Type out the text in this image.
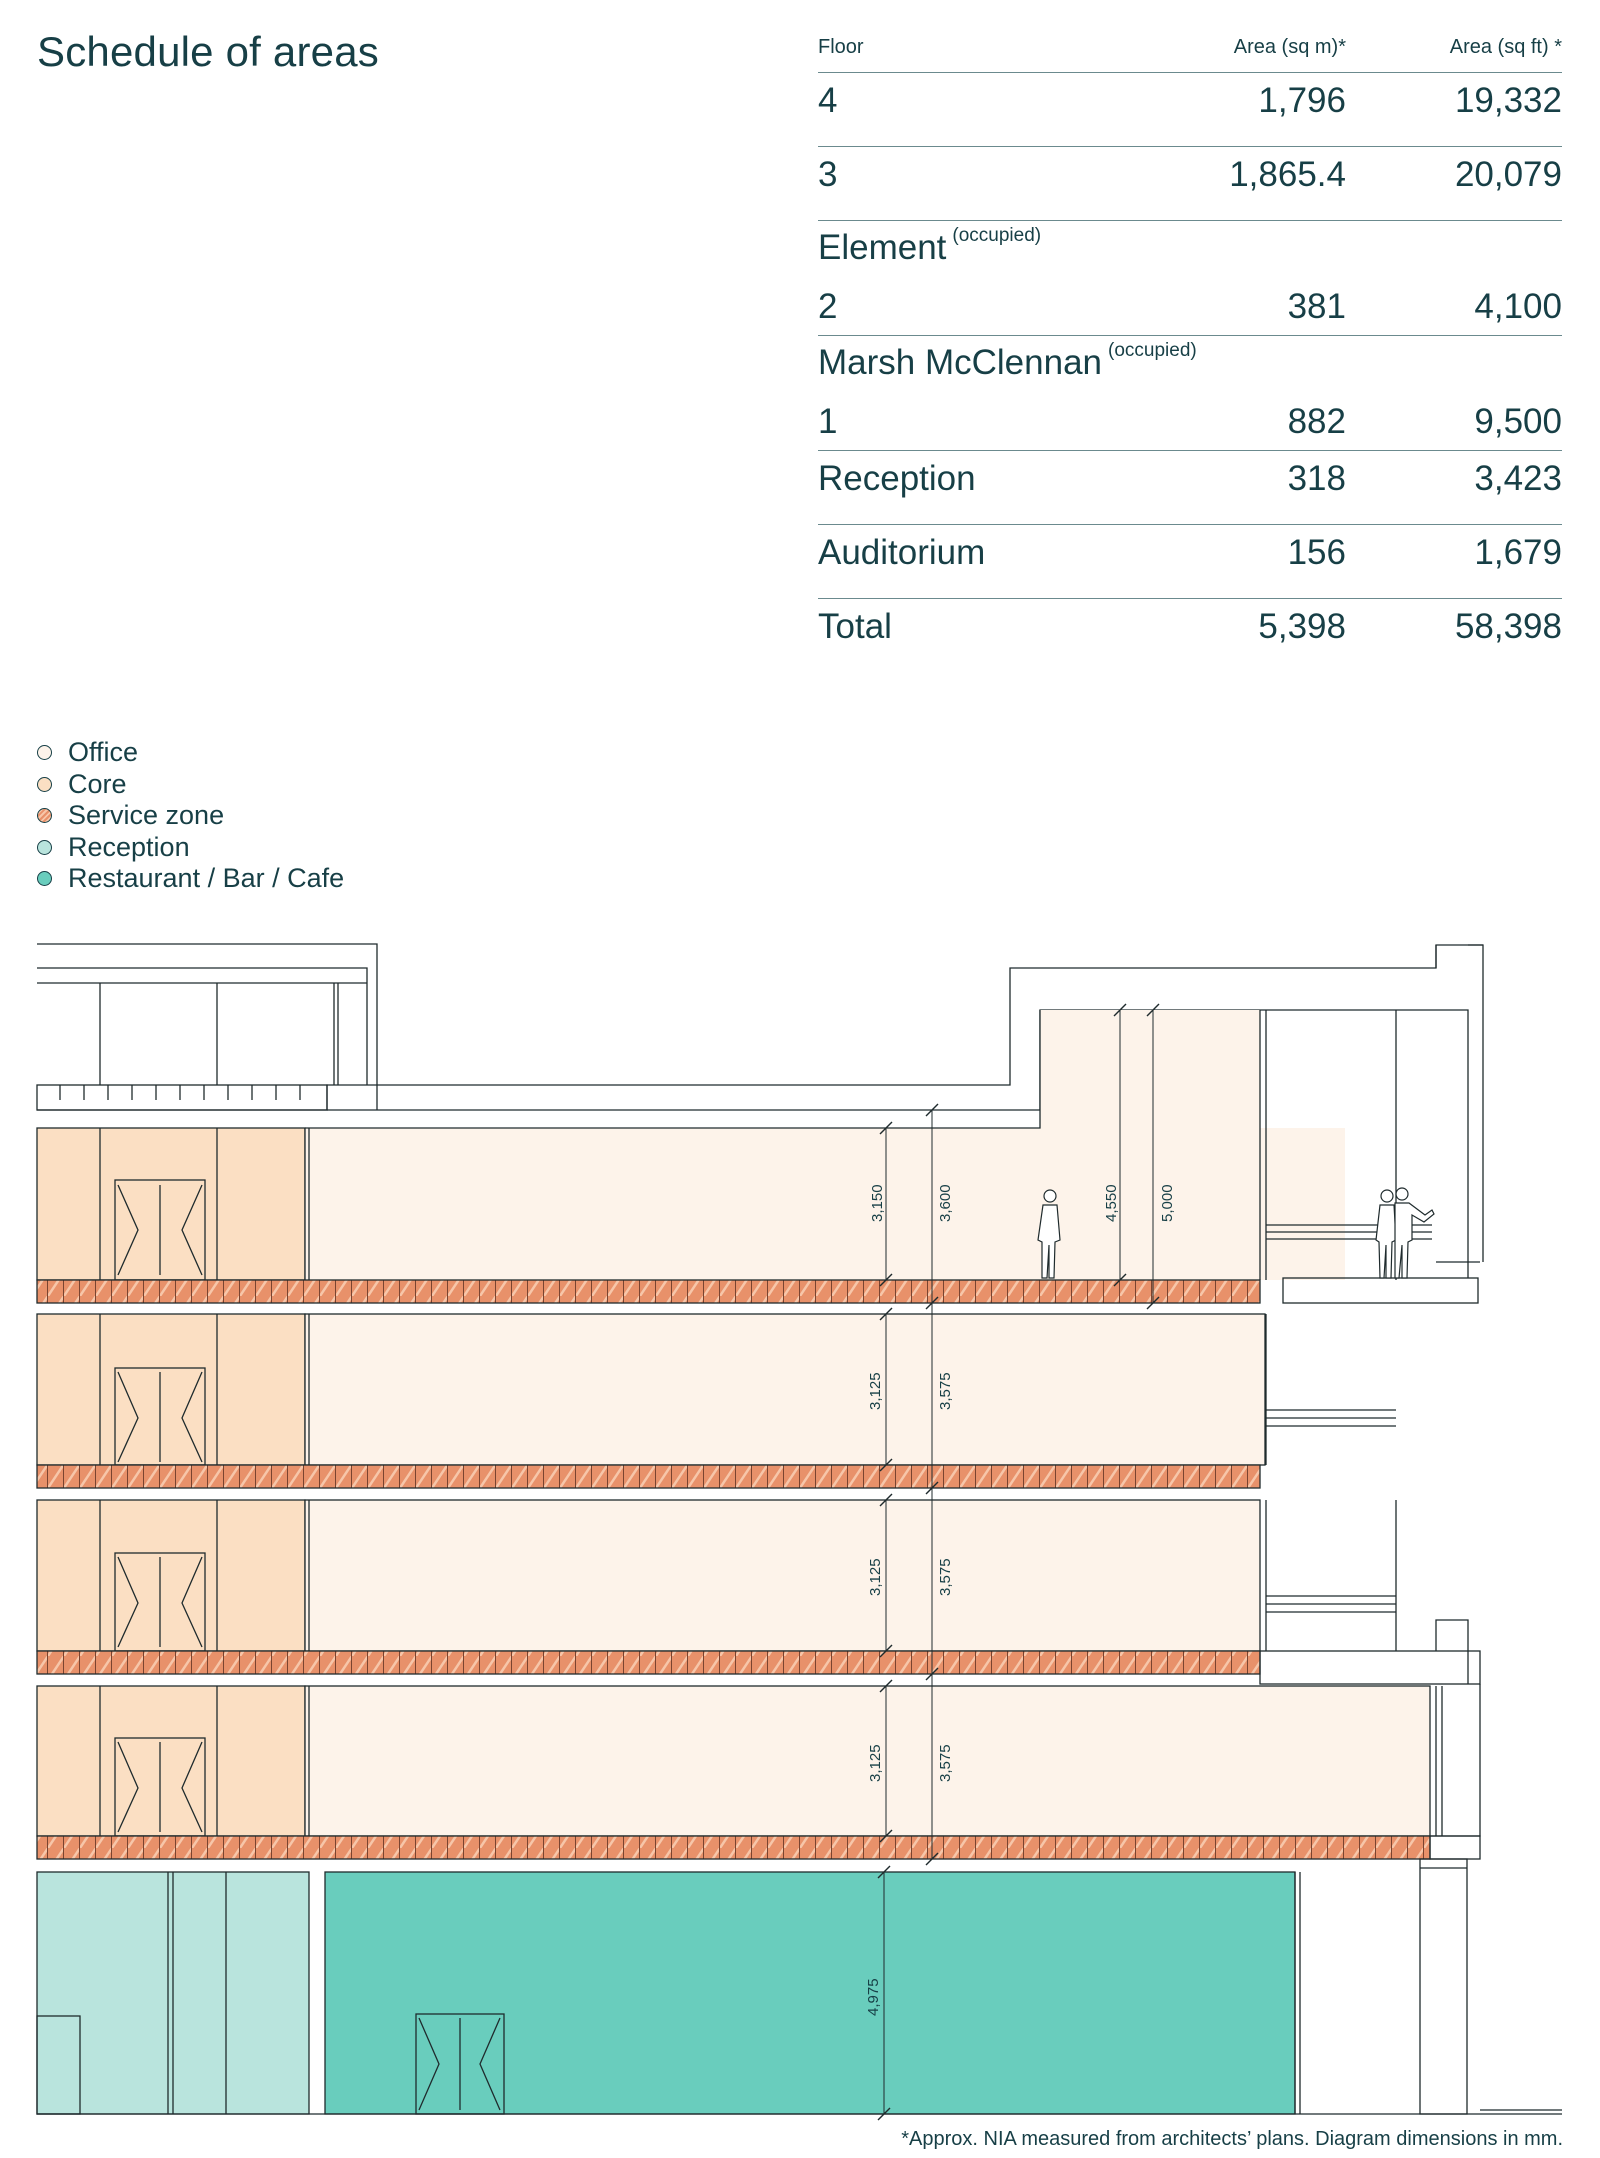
Schedule of areas	Floor	Area (sq m)*	Area (sq ft) *
4	1,796	19,332
3	1,865.4	20,079
Element $^{(occupied)}$
2	381	4,100
Marsh McClennan $^{(occupied)}$
1	882	9,500
Reception	318	3,423
Auditorium	156	1,679
Total	5,398	58,398
Office
Core
Service zone
Reception
Restaurant / Bar / Cafe
3,150	3,600	4,550	5,000
3,125	3,575
3,125	3,575
3,125	3,575
4,975
*Approx. NIA measured from architects’ plans. Diagram dimensions in mm.
